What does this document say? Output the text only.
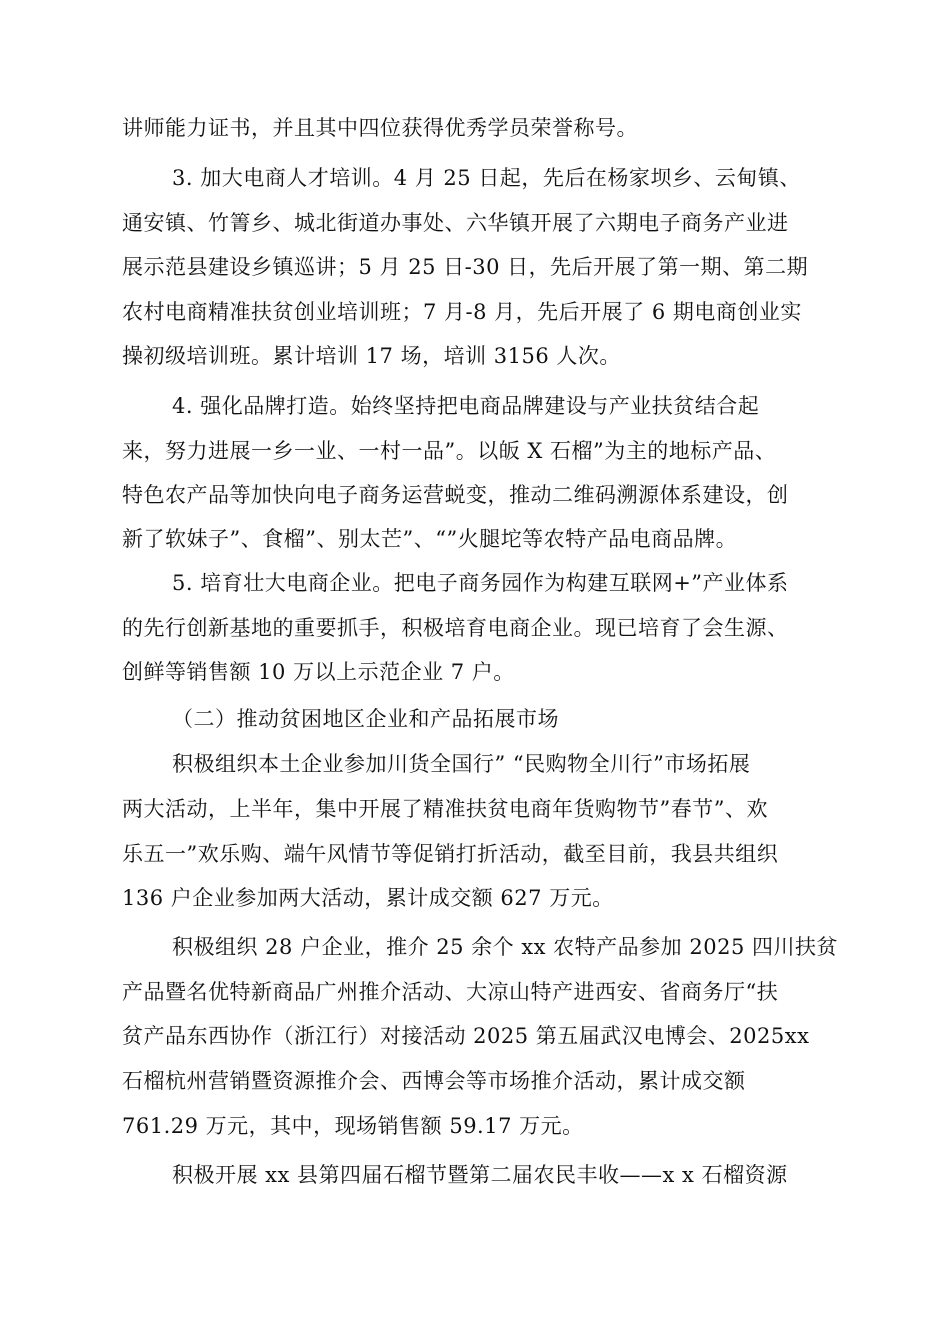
讲师能力证书，并且其中四位获得优秀学员荣誉称号。
3. 加大电商人才培训。4 月 25 日起，先后在杨家坝乡、云甸镇、
通安镇、竹箐乡、城北街道办事处、六华镇开展了六期电子商务产业进
展示范县建设乡镇巡讲；5 月 25 日-30 日，先后开展了第一期、第二期
农村电商精准扶贫创业培训班；7 月-8 月，先后开展了 6 期电商创业实
操初级培训班。累计培训 17 场，培训 3156 人次。
4. 强化品牌打造。始终坚持把电商品牌建设与产业扶贫结合起
来，努力进展一乡一业、一村一品”。以皈 X 石榴”为主的地标产品、
特色农产品等加快向电子商务运营蜕变，推动二维码溯源体系建设，创
新了软妹子”、食榴”、别太芒”、“”火腿坨等农特产品电商品牌。
5. 培育壮大电商企业。把电子商务园作为构建互联网+”产业体系
的先行创新基地的重要抓手，积极培育电商企业。现已培育了会生源、
创鲜等销售额 10 万以上示范企业 7 户。
（二）推动贫困地区企业和产品拓展市场
积极组织本土企业参加川货全国行” “民购物全川行”市场拓展
两大活动，上半年，集中开展了精准扶贫电商年货购物节”春节”、欢
乐五一”欢乐购、端午风情节等促销打折活动，截至目前，我县共组织
136 户企业参加两大活动，累计成交额 627 万元。
积极组织 28 户企业，推介 25 余个 xx 农特产品参加 2025 四川扶贫
产品暨名优特新商品广州推介活动、大凉山特产进西安、省商务厅“扶
贫产品东西协作（浙江行）对接活动 2025 第五届武汉电博会、2025xx
石榴杭州营销暨资源推介会、西博会等市场推介活动，累计成交额
761.29 万元，其中，现场销售额 59.17 万元。
积极开展 xx 县第四届石榴节暨第二届农民丰收——x x 石榴资源
